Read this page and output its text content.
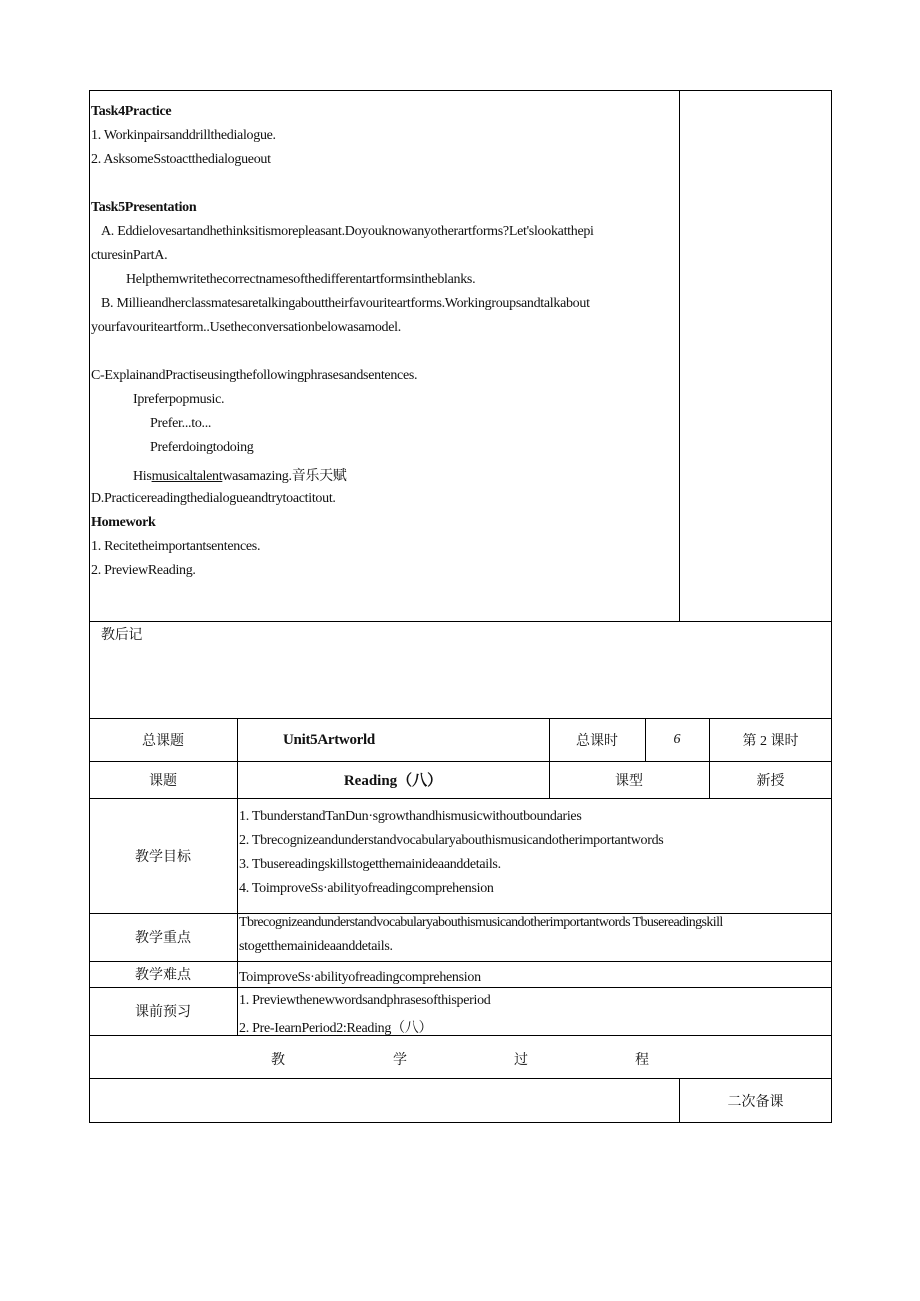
Task4Practice
1. Workinpairsanddrillthedialogue.
2. AsksomeSstoactthedialogueout
Task5Presentation
A. Eddielovesartandhethinksitismorepleasant.Doyouknowanyotherartforms?Let'slookatthepi
cturesinPartA.
Helpthemwritethecorrectnamesofthedifferentartformsintheblanks.
B. Millieandherclassmatesaretalkingabouttheirfavouriteartforms.Workingroupsandtalkabout
yourfavouriteartform..Usetheconversationbelowasamodel.
C-ExplainandPractiseusingthefollowingphrasesandsentences.
Ipreferpopmusic.
Prefer...to...
Preferdoingtodoing
Hismusicaltalentwasamazing.音乐天赋
D.Practicereadingthedialogueandtrytoactitout.
Homework
1. Recitetheimportantsentences.
2. PreviewReading.
教后记
总课题	Unit5Artworld	总课时	6	第 2 课时
课题	Reading（八）	课型	新授
教学目标
1. TbunderstandTanDun·sgrowthandhismusicwithoutboundaries
2. Tbrecognizeandunderstandvocabularyabouthismusicandotherimportantwords
3. Tbusereadingskillstogetthemainideaanddetails.
4. ToimproveSs·abilityofreadingcomprehension
教学重点
Tbrecognizeandunderstandvocabularyabouthismusicandotherimportantwords Tbusereadingskill
stogetthemainideaanddetails.
教学难点	ToimproveSs·abilityofreadingcomprehension
课前预习
1. Previewthenewwordsandphrasesofthisperiod
2. Pre-IearnPeriod2:Reading（八）
教	学	过	程
二次备课
